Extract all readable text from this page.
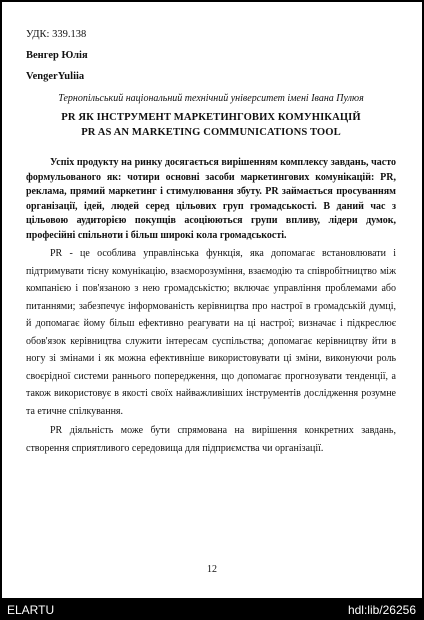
УДК: 339.138
Венгер Юлія
VengerYuliia
Тернопільський національний технічний університет імені Івана Пулюя
PR ЯК ІНСТРУМЕНТ МАРКЕТИНГОВИХ КОМУНІКАЦІЙ
PR AS AN MARKETING COMMUNICATIONS TOOL

Успіх продукту на ринку досягається вирішенням комплексу завдань, часто формульованого як: чотири основні засоби маркетингових комунікацій: PR, реклама, прямий маркетинг і стимулювання збуту. PR займається просуванням організації, ідей, людей серед цільових груп громадськості. В даний час з цільовою аудиторією покупців асоціюються групи впливу, лідери думок, професійні спільноти і більш широкі кола громадськості.

PR - це особлива управлінська функція, яка допомагає встановлювати і підтримувати тісну комунікацію, взаєморозуміння, взаємодію та співробітництво між компанією і пов'язаною з нею громадськістю; включає управління проблемами або питаннями; забезпечує інформованість керівництва про настрої в громадській думці, й допомагає йому більш ефективно реагувати на ці настрої; визначає і підкреслює обов'язок керівництва служити інтересам суспільства; допомагає керівництву йти в ногу зі змінами і як можна ефективніше використовувати ці зміни, виконуючи роль своєрідної системи раннього попередження, що допомагає прогнозувати тенденції, а також використовує в якості своїх найважливіших інструментів дослідження розумне та етичне спілкування.

PR діяльність може бути спрямована на вирішення конкретних завдань, створення сприятливого середовища для підприємства чи організації.

12
ELARTU	hdl:lib/26256
